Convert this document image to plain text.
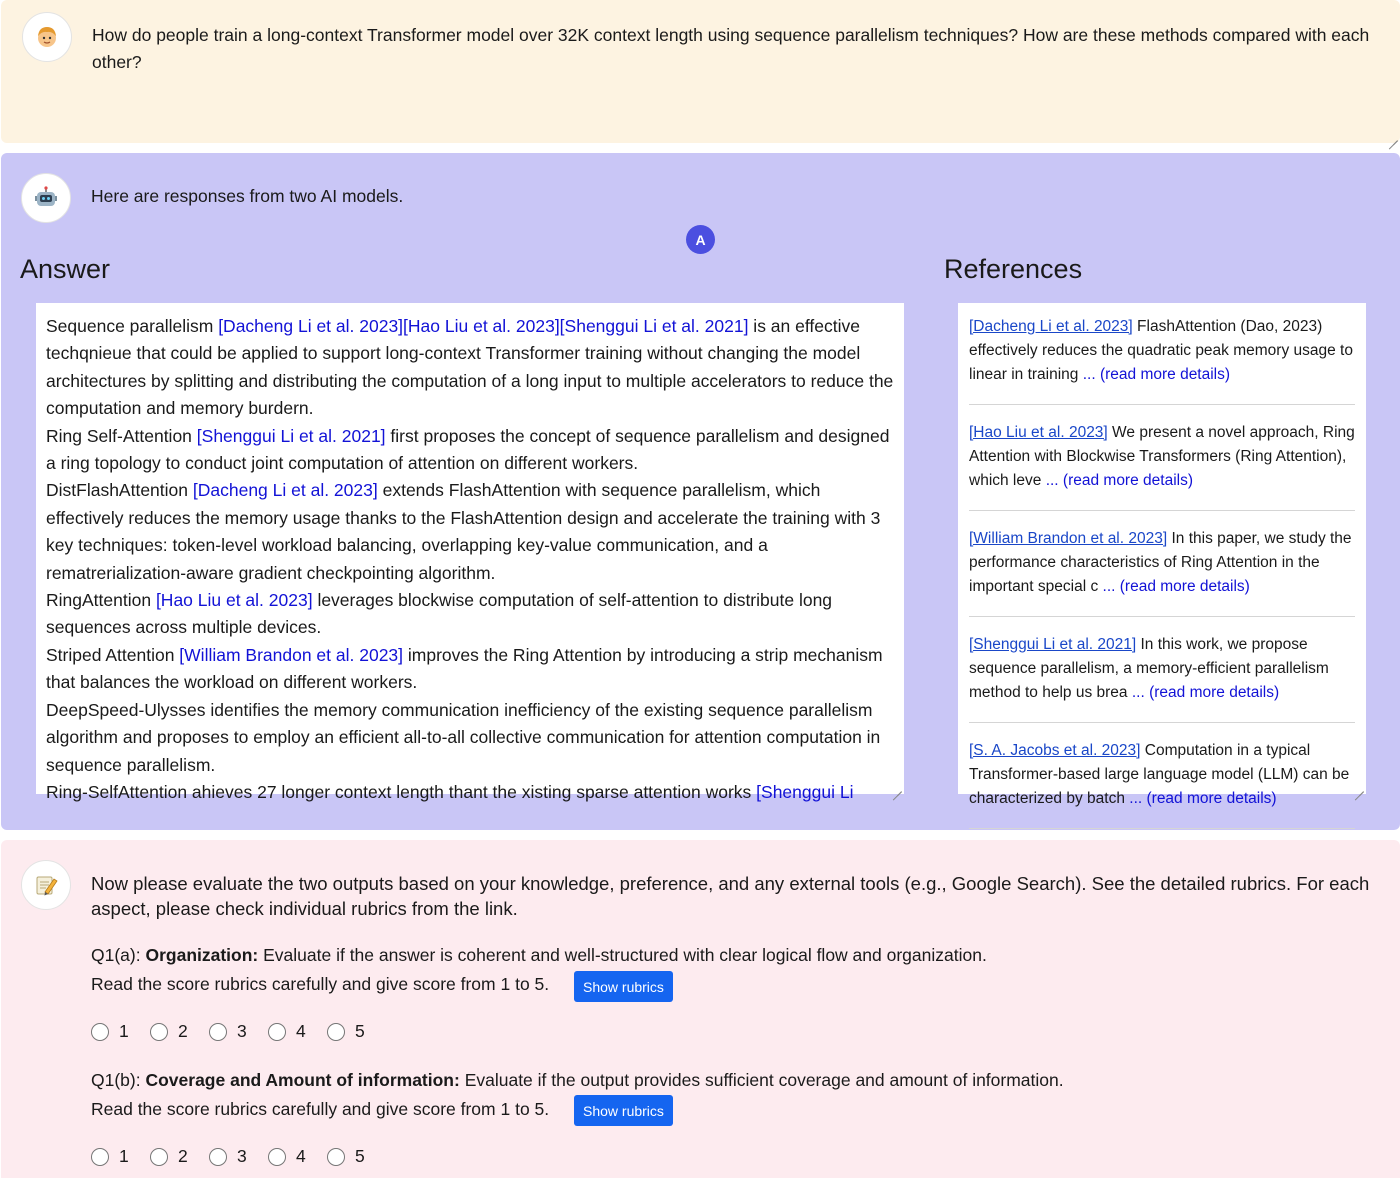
How do people train a long-context Transformer model over 32K context length using sequence parallelism techniques? How are these methods compared with each other?
Here are responses from two AI models.
A
Answer	References

Sequence parallelism [Dacheng Li et al. 2023][Hao Liu et al. 2023][Shenggui Li et al. 2021] is an effective techqnieue that could be applied to support long-context Transformer training without changing the model architectures by splitting and distributing the computation of a long input to multiple accelerators to reduce the computation and memory burdern.

Ring Self-Attention [Shenggui Li et al. 2021] first proposes the concept of sequence parallelism and designed a ring topology to conduct joint computation of attention on different workers.

DistFlashAttention [Dacheng Li et al. 2023] extends FlashAttention with sequence parallelism, which effectively reduces the memory usage thanks to the FlashAttention design and accelerate the training with 3 key techniques: token-level workload balancing, overlapping key-value communication, and a rematrerialization-aware gradient checkpointing algorithm.

RingAttention [Hao Liu et al. 2023] leverages blockwise computation of self-attention to distribute long sequences across multiple devices.

Striped Attention [William Brandon et al. 2023] improves the Ring Attention by introducing a strip mechanism that balances the workload on different workers.

DeepSpeed-Ulysses identifies the memory communication inefficiency of the existing sequence parallelism algorithm and proposes to employ an efficient all-to-all collective communication for attention computation in sequence parallelism.

Ring-SelfAttention ahieves 27 longer context length thant the xisting sparse attention works [Shenggui Li

[Dacheng Li et al. 2023] FlashAttention (Dao, 2023) effectively reduces the quadratic peak memory usage to linear in training ... (read more details)
[Hao Liu et al. 2023] We present a novel approach, Ring Attention with Blockwise Transformers (Ring Attention), which leve ... (read more details)
[William Brandon et al. 2023] In this paper, we study the performance characteristics of Ring Attention in the important special c ... (read more details)
[Shenggui Li et al. 2021] In this work, we propose sequence parallelism, a memory-efficient parallelism method to help us brea ... (read more details)
[S. A. Jacobs et al. 2023] Computation in a typical Transformer-based large language model (LLM) can be characterized by batch ... (read more details)
Now please evaluate the two outputs based on your knowledge, preference, and any external tools (e.g., Google Search). See the detailed rubrics. For each aspect, please check individual rubrics from the link.
Q1(a): Organization: Evaluate if the answer is coherent and well-structured with clear logical flow and organization.
Read the score rubrics carefully and give score from 1 to 5.	Show rubrics
1	2	3	4	5
Q1(b): Coverage and Amount of information: Evaluate if the output provides sufficient coverage and amount of information.
Read the score rubrics carefully and give score from 1 to 5.	Show rubrics
1	2	3	4	5
